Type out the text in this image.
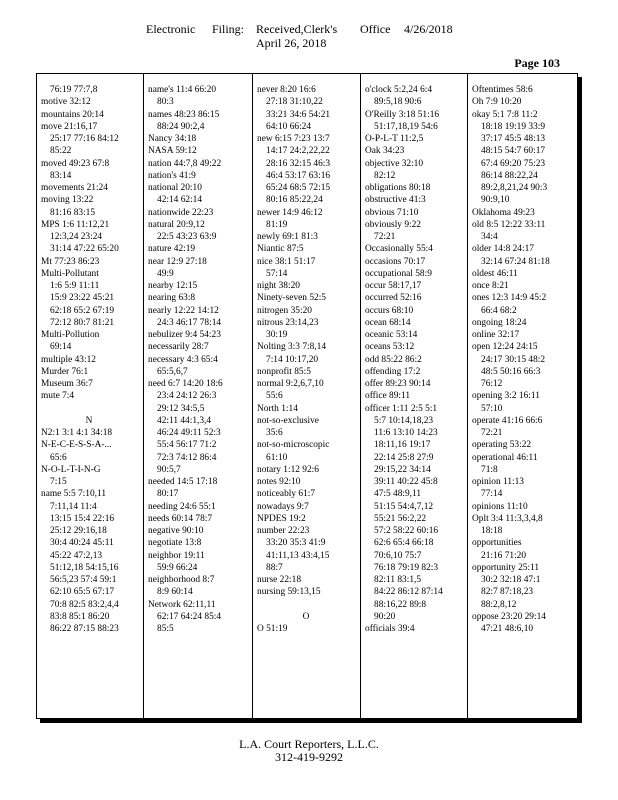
Electronic Filing: Received,Clerk's Office 4/26/2018
April 26, 2018
Page 103
76:19 77:7,8
motive 32:12
mountains 20:14
move 21:16,17
25:17 77:16 84:12
85:22
moved 49:23 67:8
83:14
movements 21:24
moving 13:22
81:16 83:15
MPS 1:6 11:12,21
12:3,24 23:24
31:14 47:22 65:20
Mt 77:23 86:23
Multi-Pollutant
1:6 5:9 11:11
15:9 23:22 45:21
62:18 65:2 67:19
72:12 80:7 81:21
Multi-Pollution
69:14
multiple 43:12
Murder 76:1
Museum 36:7
mute 7:4
N
N2:1 3:1 4:1 34:18
N-E-C-E-S-S-A-...
65:6
N-O-L-T-I-N-G
7:15
name 5:5 7:10,11
7:11,14 11:4
13:15 15:4 22:16
25:12 29:16,18
30:4 40:24 45:11
45:22 47:2,13
51:12,18 54:15,16
56:5,23 57:4 59:1
62:10 65:5 67:17
70:8 82:5 83:2,4,4
83:8 85:1 86:20
86:22 87:15 88:23
name's 11:4 66:20
80:3
names 48:23 86:15
88:24 90:2,4
Nancy 34:18
NASA 59:12
nation 44:7,8 49:22
nation's 41:9
national 20:10
42:14 62:14
nationwide 22:23
natural 20:9,12
22:5 43:23 63:9
nature 42:19
near 12:9 27:18
49:9
nearby 12:15
nearing 63:8
nearly 12:22 14:12
24:3 46:17 78:14
nebulizer 9:4 54:23
necessarily 28:7
necessary 4:3 65:4
65:5,6,7
need 6:7 14:20 18:6
23:4 24:12 26:3
29:12 34:5,5
42:11 44:1,3,4
46:24 49:11 52:3
55:4 56:17 71:2
72:3 74:12 86:4
90:5,7
needed 14:5 17:18
80:17
needing 24:6 55:1
needs 60:14 78:7
negative 90:10
negotiate 13:8
neighbor 19:11
59:9 66:24
neighborhood 8:7
8:9 60:14
Network 62:11,11
62:17 64:24 85:4
85:5
never 8:20 16:6
27:18 31:10,22
33:21 34:6 54:21
64:10 66:24
new 6:15 7:23 13:7
14:17 24:2,22,22
28:16 32:15 46:3
46:4 53:17 63:16
65:24 68:5 72:15
80:16 85:22,24
newer 14:9 46:12
81:19
newly 69:1 81:3
Niantic 87:5
nice 38:1 51:17
57:14
night 38:20
Ninety-seven 52:5
nitrogen 35:20
nitrous 23:14,23
30:19
Nolting 3:3 7:8,14
7:14 10:17,20
nonprofit 85:5
normal 9:2,6,7,10
55:6
North 1:14
not-so-exclusive
35:6
not-so-microscopic
61:10
notary 1:12 92:6
notes 92:10
noticeably 61:7
nowadays 9:7
NPDES 19:2
number 22:23
33:20 35:3 41:9
41:11,13 43:4,15
88:7
nurse 22:18
nursing 59:13,15
O
O 51:19
o'clock 5:2,24 6:4
89:5,18 90:6
O'Reilly 3:18 51:16
51:17,18,19 54:6
O-P-L-T 11:2,5
Oak 34:23
objective 32:10
82:12
obligations 80:18
obstructive 41:3
obvious 71:10
obviously 9:22
72:21
Occasionally 55:4
occasions 70:17
occupational 58:9
occur 58:17,17
occurred 52:16
occurs 68:10
ocean 68:14
oceanic 53:14
oceans 53:12
odd 85:22 86:2
offending 17:2
offer 89:23 90:14
office 89:11
officer 1:11 2:5 5:1
5:7 10:14,18,23
11:6 13:10 14:23
18:11,16 19:17
22:14 25:8 27:9
29:15,22 34:14
39:11 40:22 45:8
47:5 48:9,11
51:15 54:4,7,12
55:21 56:2,22
57:2 58:22 60:16
62:6 65:4 66:18
70:6,10 75:7
76:18 79:19 82:3
82:11 83:1,5
84:22 86:12 87:14
88:16,22 89:8
90:20
officials 39:4
Oftentimes 58:6
Oh 7:9 10:20
okay 5:1 7:8 11:2
18:18 19:19 33:9
37:17 45:5 48:13
48:15 54:7 60:17
67:4 69:20 75:23
86:14 88:22,24
89:2,8,21,24 90:3
90:9,10
Oklahoma 49:23
old 8:5 12:22 33:11
34:4
older 14:8 24:17
32:14 67:24 81:18
oldest 46:11
once 8:21
ones 12:3 14:9 45:2
66:4 68:2
ongoing 18:24
online 32:17
open 12:24 24:15
24:17 30:15 48:2
48:5 50:16 66:3
76:12
opening 3:2 16:11
57:10
operate 41:16 66:6
72:21
operating 53:22
operational 46:11
71:8
opinion 11:13
77:14
opinions 11:10
Oplt 3:4 11:3,3,4,8
18:18
opportunities
21:16 71:20
opportunity 25:11
30:2 32:18 47:1
82:7 87:18,23
88:2,8,12
oppose 23:20 29:14
47:21 48:6,10
L.A. Court Reporters, L.L.C.
312-419-9292
